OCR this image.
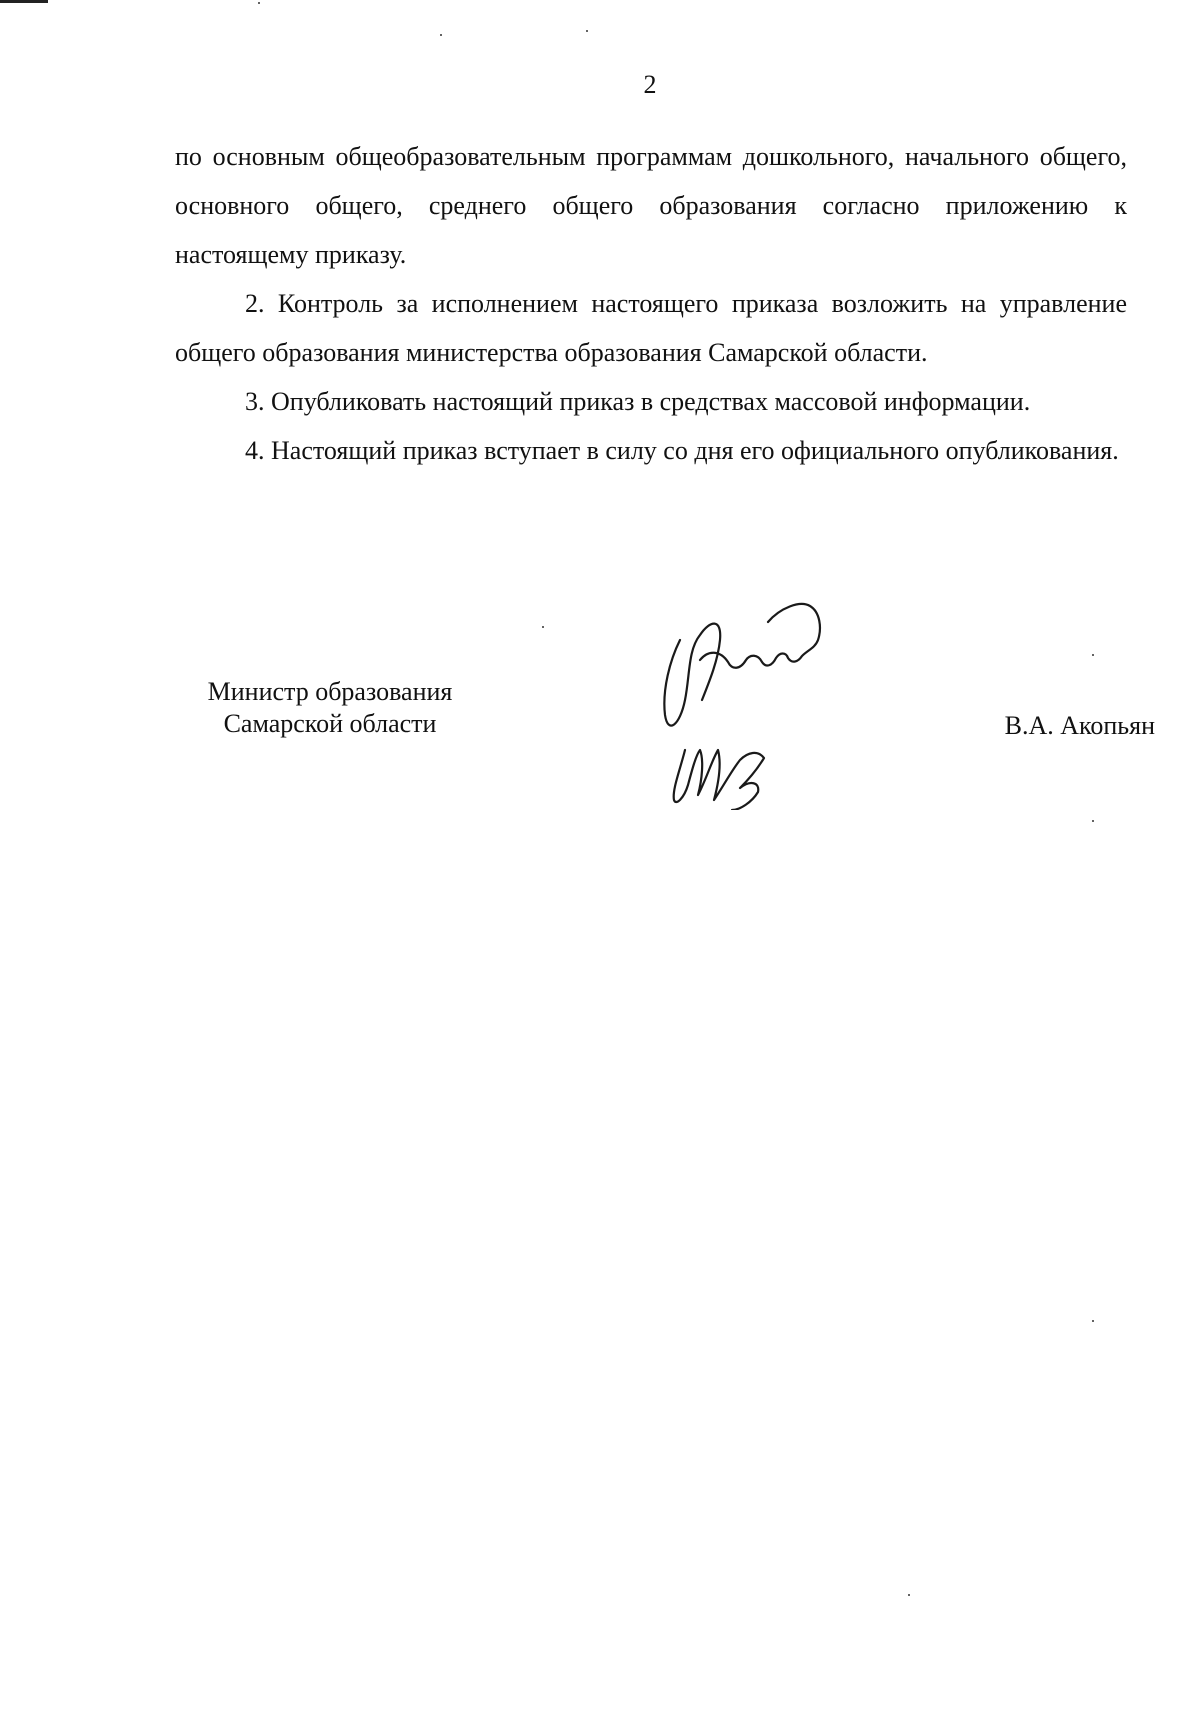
2

по основным общеобразовательным программам дошкольного, начального общего, основного общего, среднего общего образования согласно приложению к настоящему приказу.

2. Контроль за исполнением настоящего приказа возложить на управление общего образования министерства образования Самарской области.

3. Опубликовать настоящий приказ в средствах массовой информации.

4. Настоящий приказ вступает в силу со дня его официального опубликования.

Министр образования
Самарской области	В.А. Акопьян
